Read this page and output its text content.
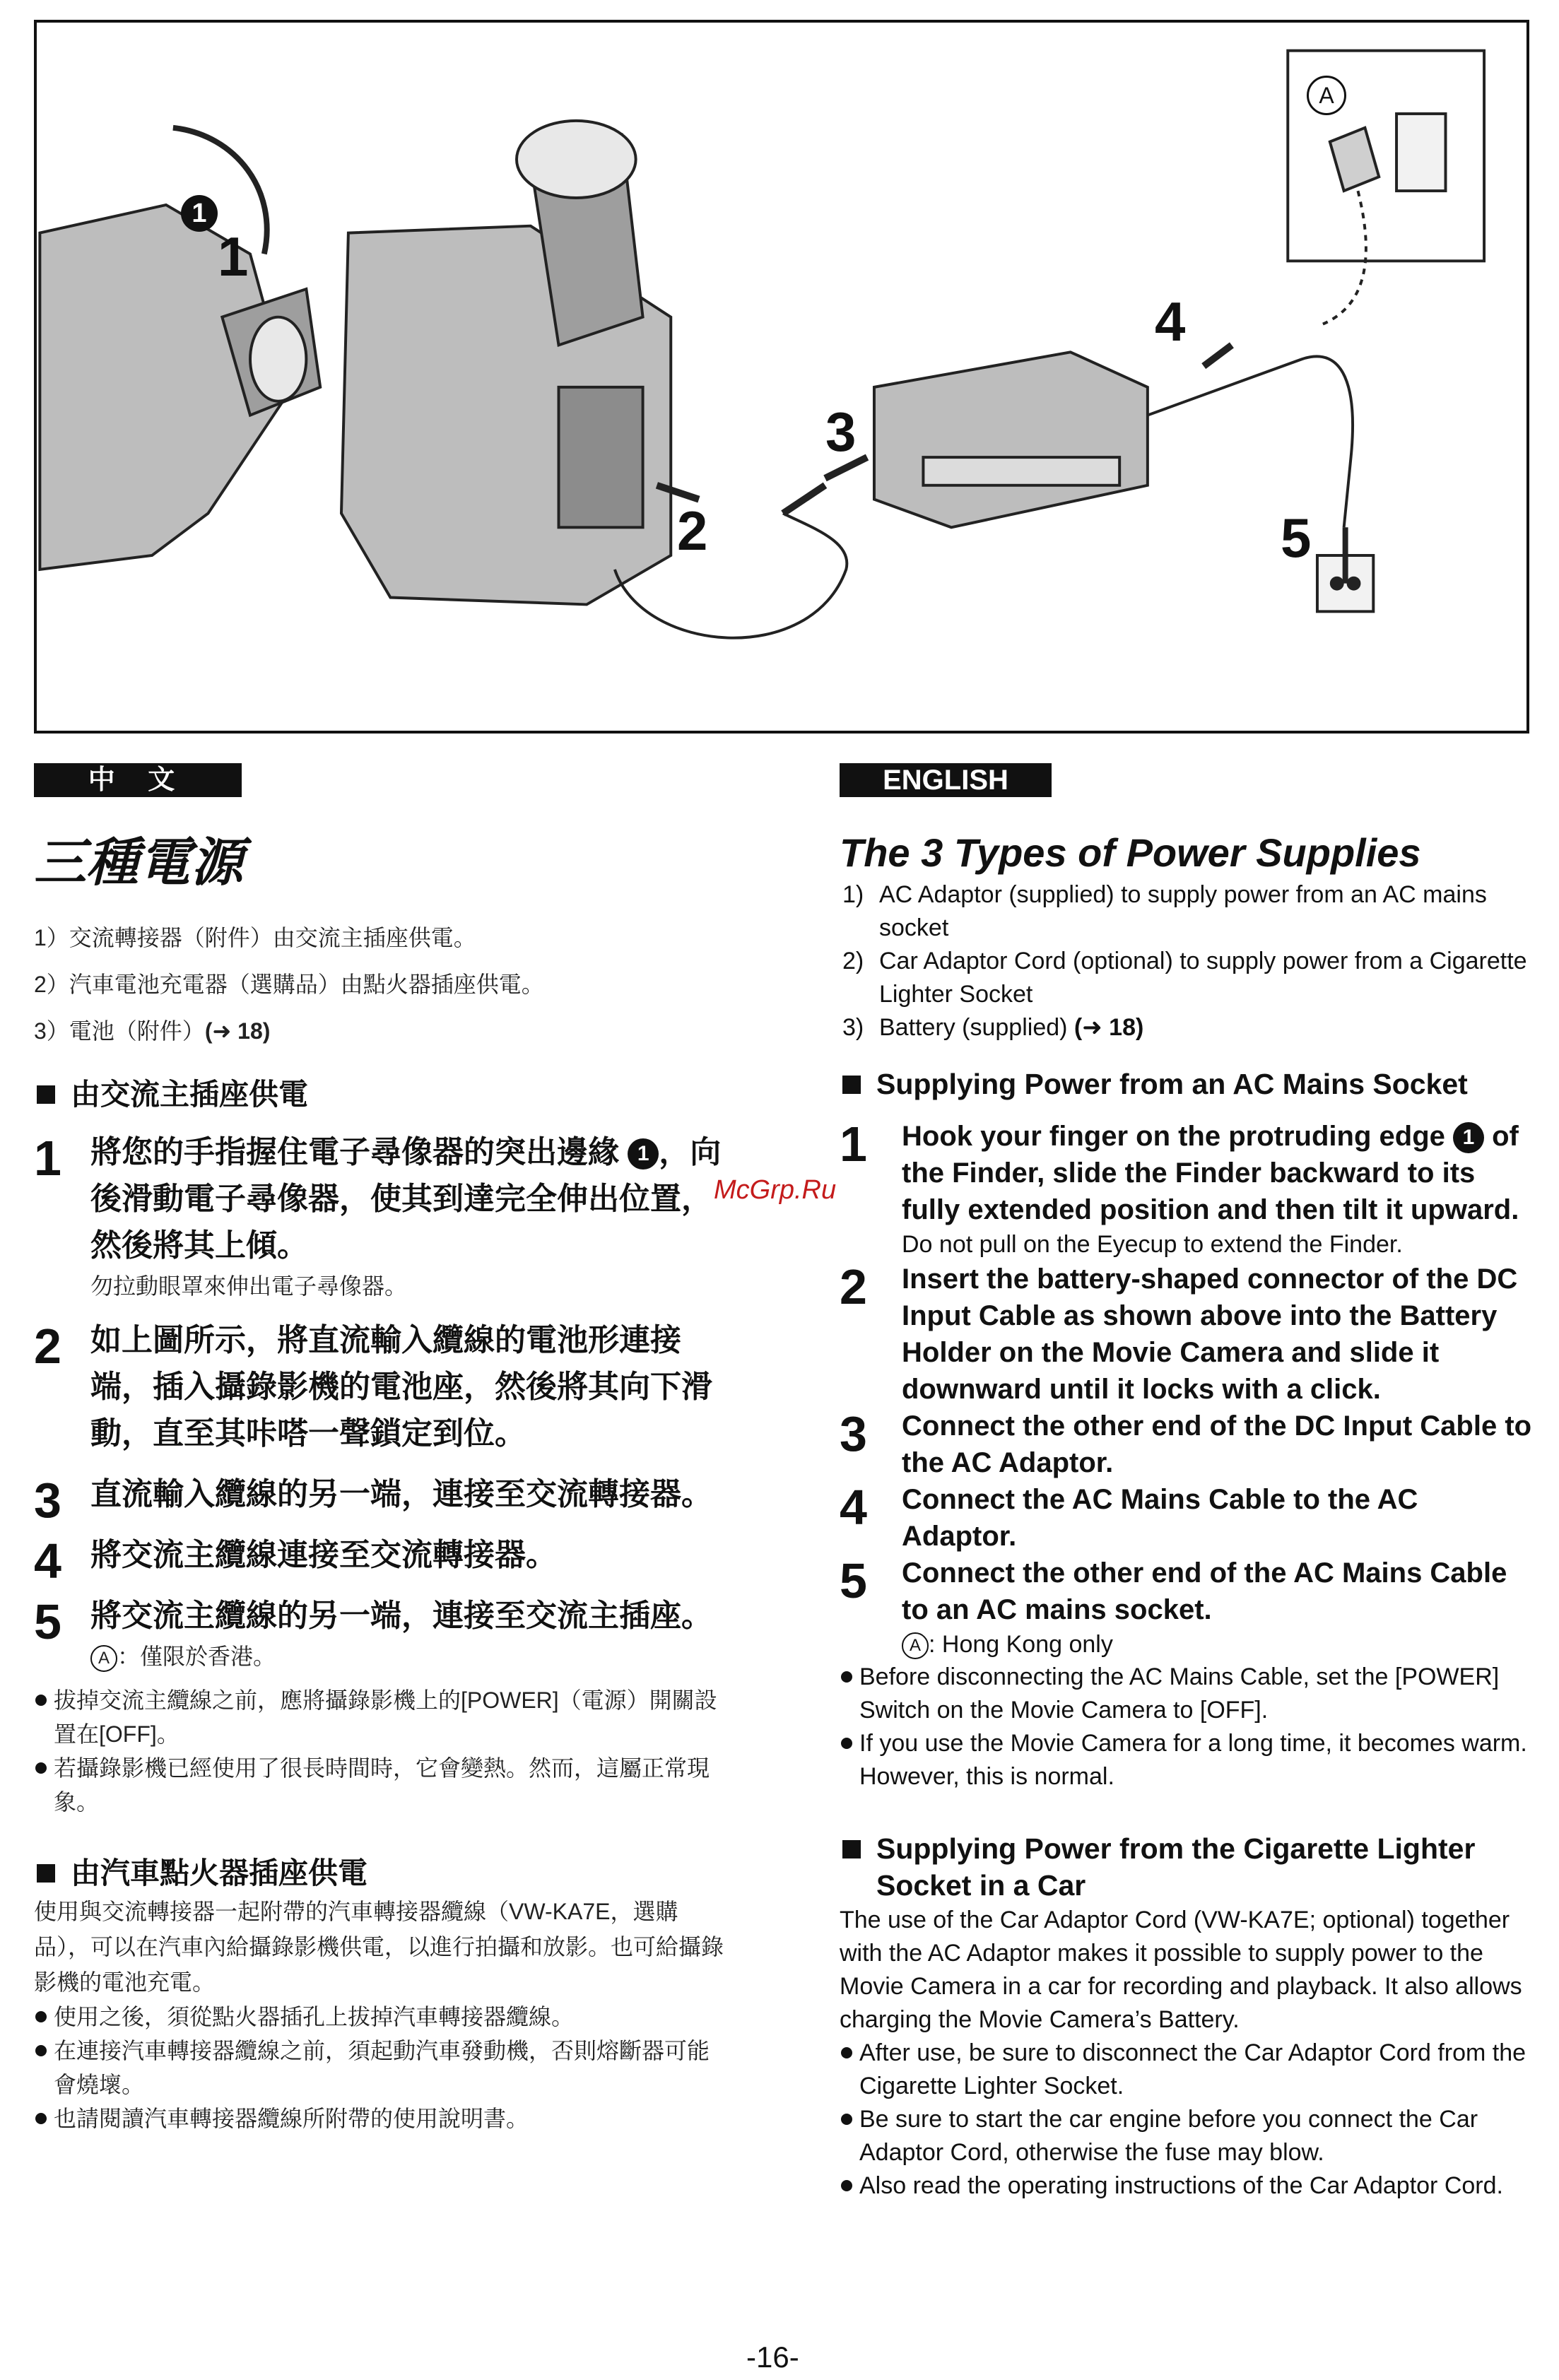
1
1
2
3
4
5
A
中 文
三種電源
1）交流轉接器（附件）由交流主插座供電。
2）汽車電池充電器（選購品）由點火器插座供電。
3）電池（附件）(➜ 18)
由交流主插座供電
1 將您的手指握住電子尋像器的突出邊緣 1 ，向後滑動電子尋像器，使其到達完全伸出位置，然後將其上傾。
勿拉動眼罩來伸出電子尋像器。
2 如上圖所示，將直流輸入纜線的電池形連接端，插入攝錄影機的電池座，然後將其向下滑動，直至其咔嗒一聲鎖定到位。
3 直流輸入纜線的另一端，連接至交流轉接器。
4 將交流主纜線連接至交流轉接器。
5 將交流主纜線的另一端，連接至交流主插座。
A ：僅限於香港。
拔掉交流主纜線之前，應將攝錄影機上的[POWER]（電源）開關設置在[OFF]。
若攝錄影機已經使用了很長時間時，它會變熱。然而，這屬正常現象。
由汽車點火器插座供電

使用與交流轉接器一起附帶的汽車轉接器纜線（VW-KA7E，選購品），可以在汽車內給攝錄影機供電，以進行拍攝和放影。也可給攝錄影機的電池充電。

使用之後，須從點火器插孔上拔掉汽車轉接器纜線。
在連接汽車轉接器纜線之前，須起動汽車發動機，否則熔斷器可能會燒壞。
也請閱讀汽車轉接器纜線所附帶的使用說明書。
ENGLISH
The 3 Types of Power Supplies
1) AC Adaptor (supplied) to supply power from an AC mains socket
2) Car Adaptor Cord (optional) to supply power from a Cigarette Lighter Socket
3) Battery (supplied) (➜ 18)
Supplying Power from an AC Mains Socket
1 Hook your finger on the protruding edge 1 of the Finder, slide the Finder backward to its fully extended position and then tilt it upward.
Do not pull on the Eyecup to extend the Finder.
2 Insert the battery-shaped connector of the DC Input Cable as shown above into the Battery Holder on the Movie Camera and slide it downward until it locks with a click.
3 Connect the other end of the DC Input Cable to the AC Adaptor.
4 Connect the AC Mains Cable to the AC Adaptor.
5 Connect the other end of the AC Mains Cable to an AC mains socket.
A : Hong Kong only
Before disconnecting the AC Mains Cable, set the [POWER] Switch on the Movie Camera to [OFF].
If you use the Movie Camera for a long time, it becomes warm. However, this is normal.
Supplying Power from the Cigarette Lighter Socket in a Car

The use of the Car Adaptor Cord (VW-KA7E; optional) together with the AC Adaptor makes it possible to supply power to the Movie Camera in a car for recording and playback. It also allows charging the Movie Camera’s Battery.

After use, be sure to disconnect the Car Adaptor Cord from the Cigarette Lighter Socket.
Be sure to start the car engine before you connect the Car Adaptor Cord, otherwise the fuse may blow.
Also read the operating instructions of the Car Adaptor Cord.
McGrp.Ru
-16-
